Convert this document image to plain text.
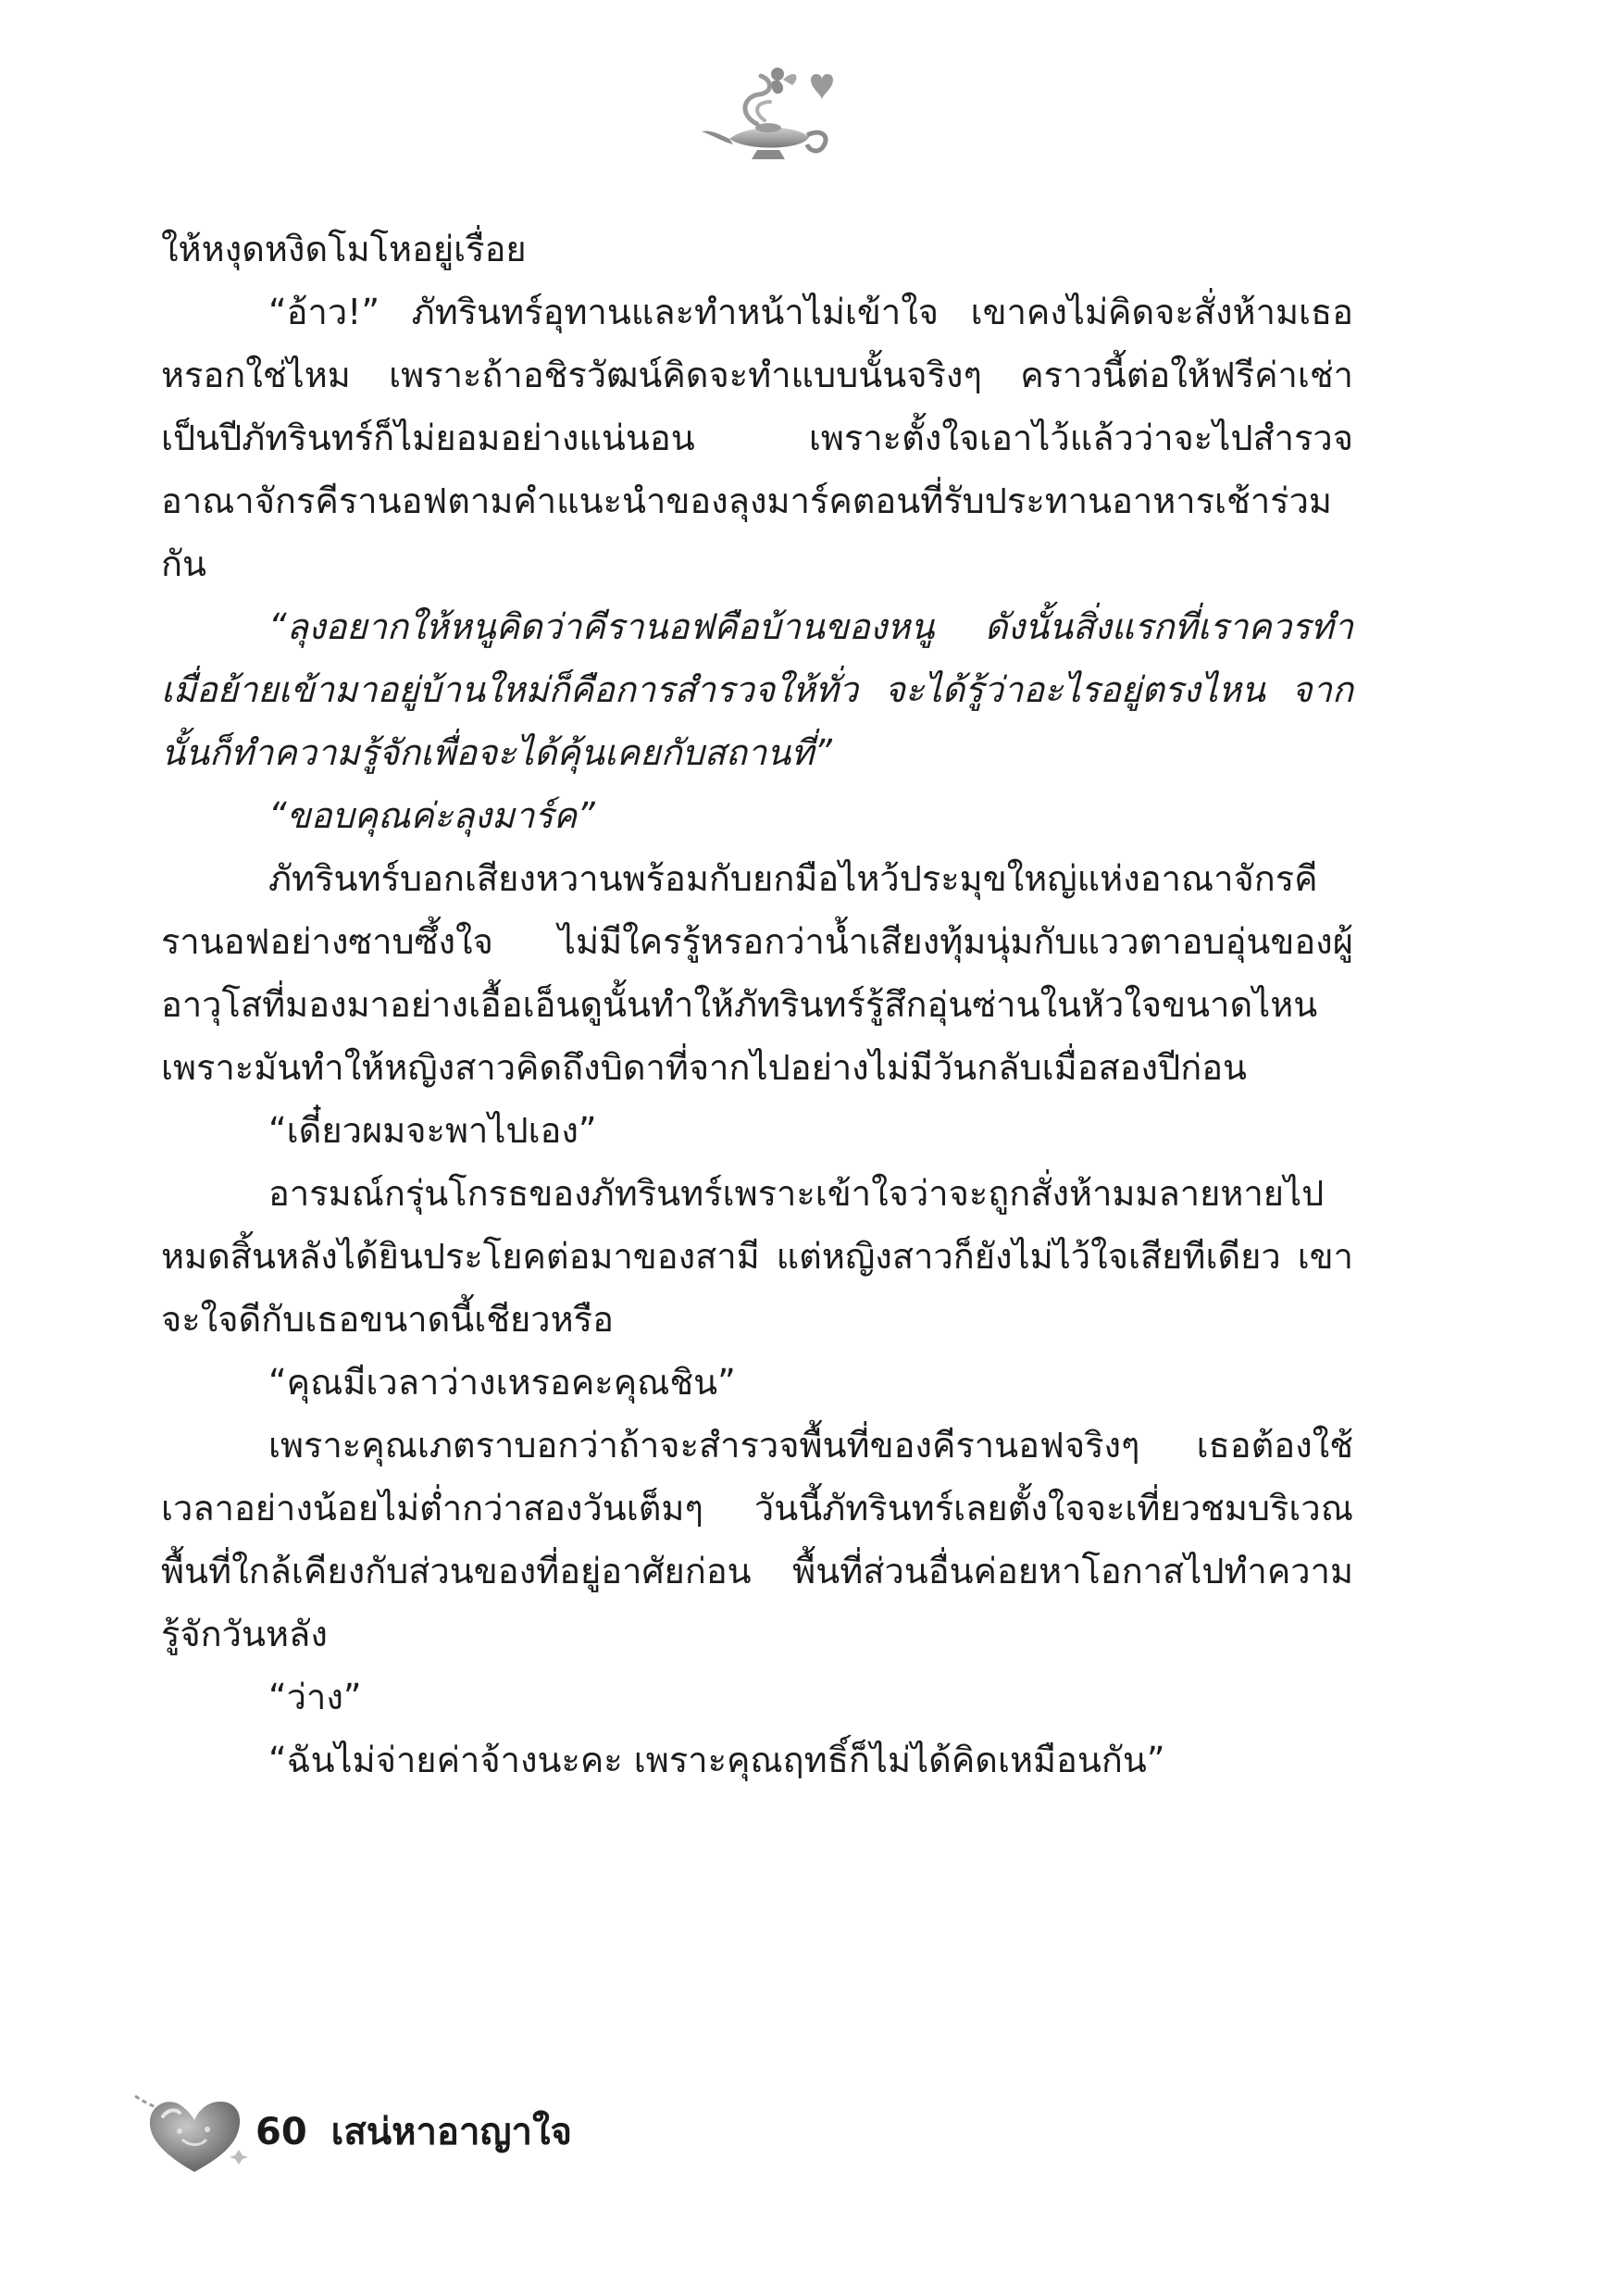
ให้หงุดหงิดโมโหอยู่เรื่อย

“อ้าว!” ภัทรินทร์อุทานและทำหน้าไม่เข้าใจ เขาคงไม่คิดจะสั่งห้ามเธอหรอกใช่ไหม เพราะถ้าอชิรวัฒน์คิดจะทำแบบนั้นจริงๆ คราวนี้ต่อให้ฟรีค่าเช่าเป็นปีภัทรินทร์ก็ไม่ยอมอย่างแน่นอน เพราะตั้งใจเอาไว้แล้วว่าจะไปสำรวจอาณาจักรคีรานอฟตามคำแนะนำของลุงมาร์คตอนที่รับประทานอาหารเช้าร่วมกัน

“ลุงอยากให้หนูคิดว่าคีรานอฟคือบ้านของหนู ดังนั้นสิ่งแรกที่เราควรทำเมื่อย้ายเข้ามาอยู่บ้านใหม่ก็คือการสำรวจให้ทั่ว จะได้รู้ว่าอะไรอยู่ตรงไหน จากนั้นก็ทำความรู้จักเพื่อจะได้คุ้นเคยกับสถานที่”

“ขอบคุณค่ะลุงมาร์ค”

ภัทรินทร์บอกเสียงหวานพร้อมกับยกมือไหว้ประมุขใหญ่แห่งอาณาจักรคีรานอฟอย่างซาบซึ้งใจ ไม่มีใครรู้หรอกว่าน้ำเสียงทุ้มนุ่มกับแววตาอบอุ่นของผู้อาวุโสที่มองมาอย่างเอื้อเอ็นดูนั้นทำให้ภัทรินทร์รู้สึกอุ่นซ่านในหัวใจขนาดไหน เพราะมันทำให้หญิงสาวคิดถึงบิดาที่จากไปอย่างไม่มีวันกลับเมื่อสองปีก่อน

“เดี๋ยวผมจะพาไปเอง”

อารมณ์กรุ่นโกรธของภัทรินทร์เพราะเข้าใจว่าจะถูกสั่งห้ามมลายหายไปหมดสิ้นหลังได้ยินประโยคต่อมาของสามี แต่หญิงสาวก็ยังไม่ไว้ใจเสียทีเดียว เขาจะใจดีกับเธอขนาดนี้เชียวหรือ

“คุณมีเวลาว่างเหรอคะคุณชิน”

เพราะคุณเภตราบอกว่าถ้าจะสำรวจพื้นที่ของคีรานอฟจริงๆ เธอต้องใช้เวลาอย่างน้อยไม่ต่ำกว่าสองวันเต็มๆ วันนี้ภัทรินทร์เลยตั้งใจจะเที่ยวชมบริเวณพื้นที่ใกล้เคียงกับส่วนของที่อยู่อาศัยก่อน พื้นที่ส่วนอื่นค่อยหาโอกาสไปทำความรู้จักวันหลัง

“ว่าง”

“ฉันไม่จ่ายค่าจ้างนะคะ เพราะคุณฤทธิ์ก็ไม่ได้คิดเหมือนกัน”

60 เสน่หาอาญาใจ
